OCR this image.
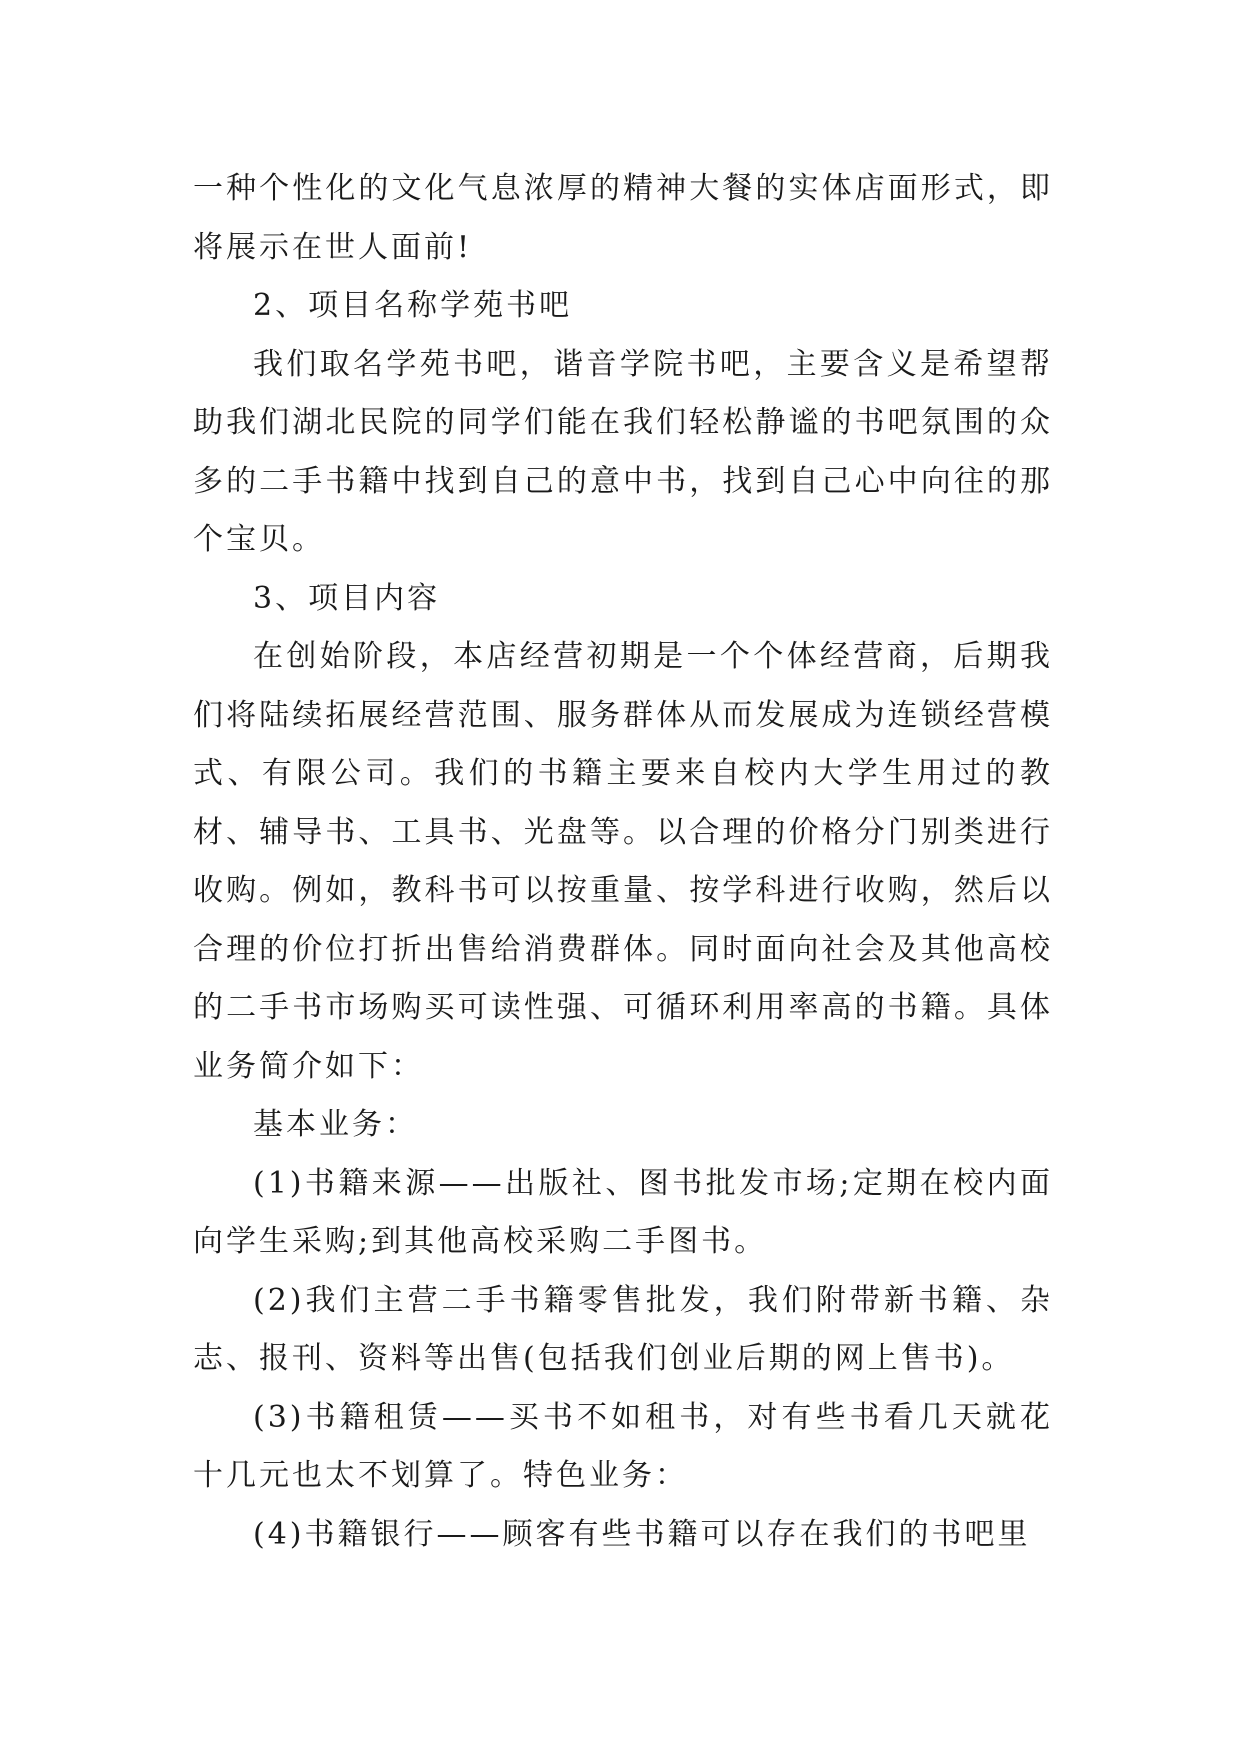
一种个性化的文化气息浓厚的精神大餐的实体店面形式，即将展示在世人面前!

2、项目名称学苑书吧

我们取名学苑书吧，谐音学院书吧，主要含义是希望帮助我们湖北民院的同学们能在我们轻松静谧的书吧氛围的众多的二手书籍中找到自己的意中书，找到自己心中向往的那个宝贝。

3、项目内容

在创始阶段，本店经营初期是一个个体经营商，后期我们将陆续拓展经营范围、服务群体从而发展成为连锁经营模式、有限公司。我们的书籍主要来自校内大学生用过的教材、辅导书、工具书、光盘等。以合理的价格分门别类进行收购。例如，教科书可以按重量、按学科进行收购，然后以合理的价位打折出售给消费群体。同时面向社会及其他高校的二手书市场购买可读性强、可循环利用率高的书籍。具体业务简介如下：

基本业务：

(1)书籍来源——出版社、图书批发市场;定期在校内面向学生采购;到其他高校采购二手图书。

(2)我们主营二手书籍零售批发，我们附带新书籍、杂志、报刊、资料等出售(包括我们创业后期的网上售书)。

(3)书籍租赁——买书不如租书，对有些书看几天就花十几元也太不划算了。特色业务：

(4)书籍银行——顾客有些书籍可以存在我们的书吧里
